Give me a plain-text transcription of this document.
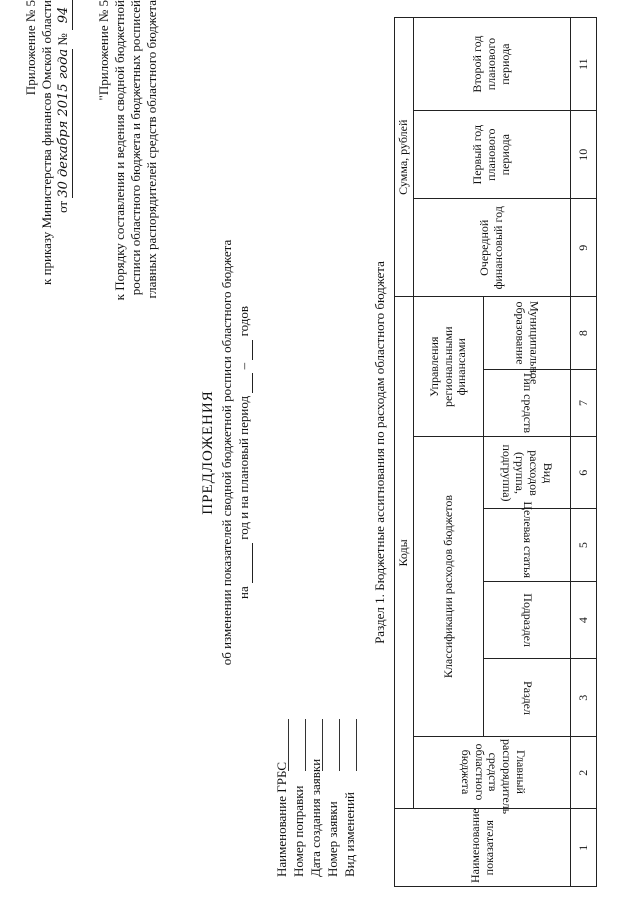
Приложение № 5 к приказу Министерства финансов Омской области от 30 декабря 2015 года № 94 "Приложение № 5 к Порядку составления и ведения сводной бюджетной росписи областного бюджета и бюджетных росписей главных распорядителей средств областного бюджета
ПРЕДЛОЖЕНИЯ об изменении показателей сводной бюджетной росписи областного бюджета на   год и на плановый период   –   годов
Наименование ГРБС Номер поправки Дата создания заявки Номер заявки Вид изменений
Раздел 1. Бюджетные ассигнования по расходам областного бюджета
Наименование показателя	Коды							Сумма, рублей		
	Главный распорядитель средств областного бюджета	Классификации расходов бюджетов				Управления региональными финансами		Очередной финансовый год	Первый год планового периода	Второй год планового периода
		Раздел	Подраздел	Целевая статья	Вид расходов (группа, подгруппа)	Тип средств	Муниципальное образование			
1	2	3	4	5	6	7	8	9	10	11
